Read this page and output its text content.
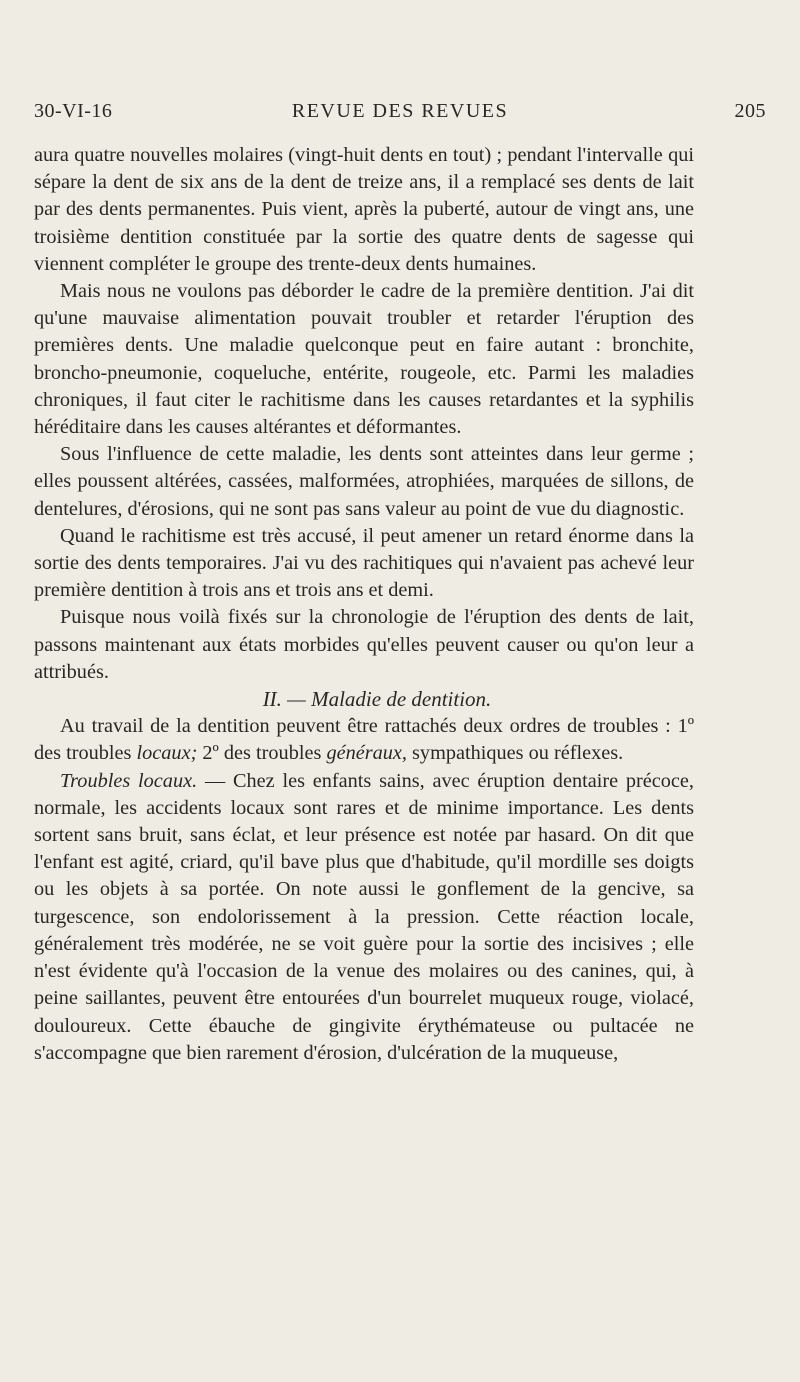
30-VI-16	REVUE DES REVUES	205

aura quatre nouvelles molaires (vingt-huit dents en tout) ; pendant l'intervalle qui sépare la dent de six ans de la dent de treize ans, il a remplacé ses dents de lait par des dents permanentes. Puis vient, après la puberté, autour de vingt ans, une troisième dentition constituée par la sortie des quatre dents de sagesse qui viennent compléter le groupe des trente-deux dents humaines.

Mais nous ne voulons pas déborder le cadre de la première dentition. J'ai dit qu'une mauvaise alimentation pouvait troubler et retarder l'éruption des premières dents. Une maladie quelconque peut en faire autant : bronchite, broncho-pneumonie, coqueluche, entérite, rougeole, etc. Parmi les maladies chroniques, il faut citer le rachitisme dans les causes retardantes et la syphilis héréditaire dans les causes altérantes et déformantes.

Sous l'influence de cette maladie, les dents sont atteintes dans leur germe ; elles poussent altérées, cassées, malformées, atrophiées, marquées de sillons, de dentelures, d'érosions, qui ne sont pas sans valeur au point de vue du diagnostic.

Quand le rachitisme est très accusé, il peut amener un retard énorme dans la sortie des dents temporaires. J'ai vu des rachitiques qui n'avaient pas achevé leur première dentition à trois ans et trois ans et demi.

Puisque nous voilà fixés sur la chronologie de l'éruption des dents de lait, passons maintenant aux états morbides qu'elles peuvent causer ou qu'on leur a attribués.

II. — Maladie de dentition.

Au travail de la dentition peuvent être rattachés deux ordres de troubles : 1º des troubles locaux; 2º des troubles généraux, sympathiques ou réflexes.

Troubles locaux. — Chez les enfants sains, avec éruption dentaire précoce, normale, les accidents locaux sont rares et de minime importance. Les dents sortent sans bruit, sans éclat, et leur présence est notée par hasard. On dit que l'enfant est agité, criard, qu'il bave plus que d'habitude, qu'il mordille ses doigts ou les objets à sa portée. On note aussi le gonflement de la gencive, sa turgescence, son endolorissement à la pression. Cette réaction locale, généralement très modérée, ne se voit guère pour la sortie des incisives ; elle n'est évidente qu'à l'occasion de la venue des molaires ou des canines, qui, à peine saillantes, peuvent être entourées d'un bourrelet muqueux rouge, violacé, douloureux. Cette ébauche de gingivite érythémateuse ou pultacée ne s'accompagne que bien rarement d'érosion, d'ulcération de la muqueuse,
